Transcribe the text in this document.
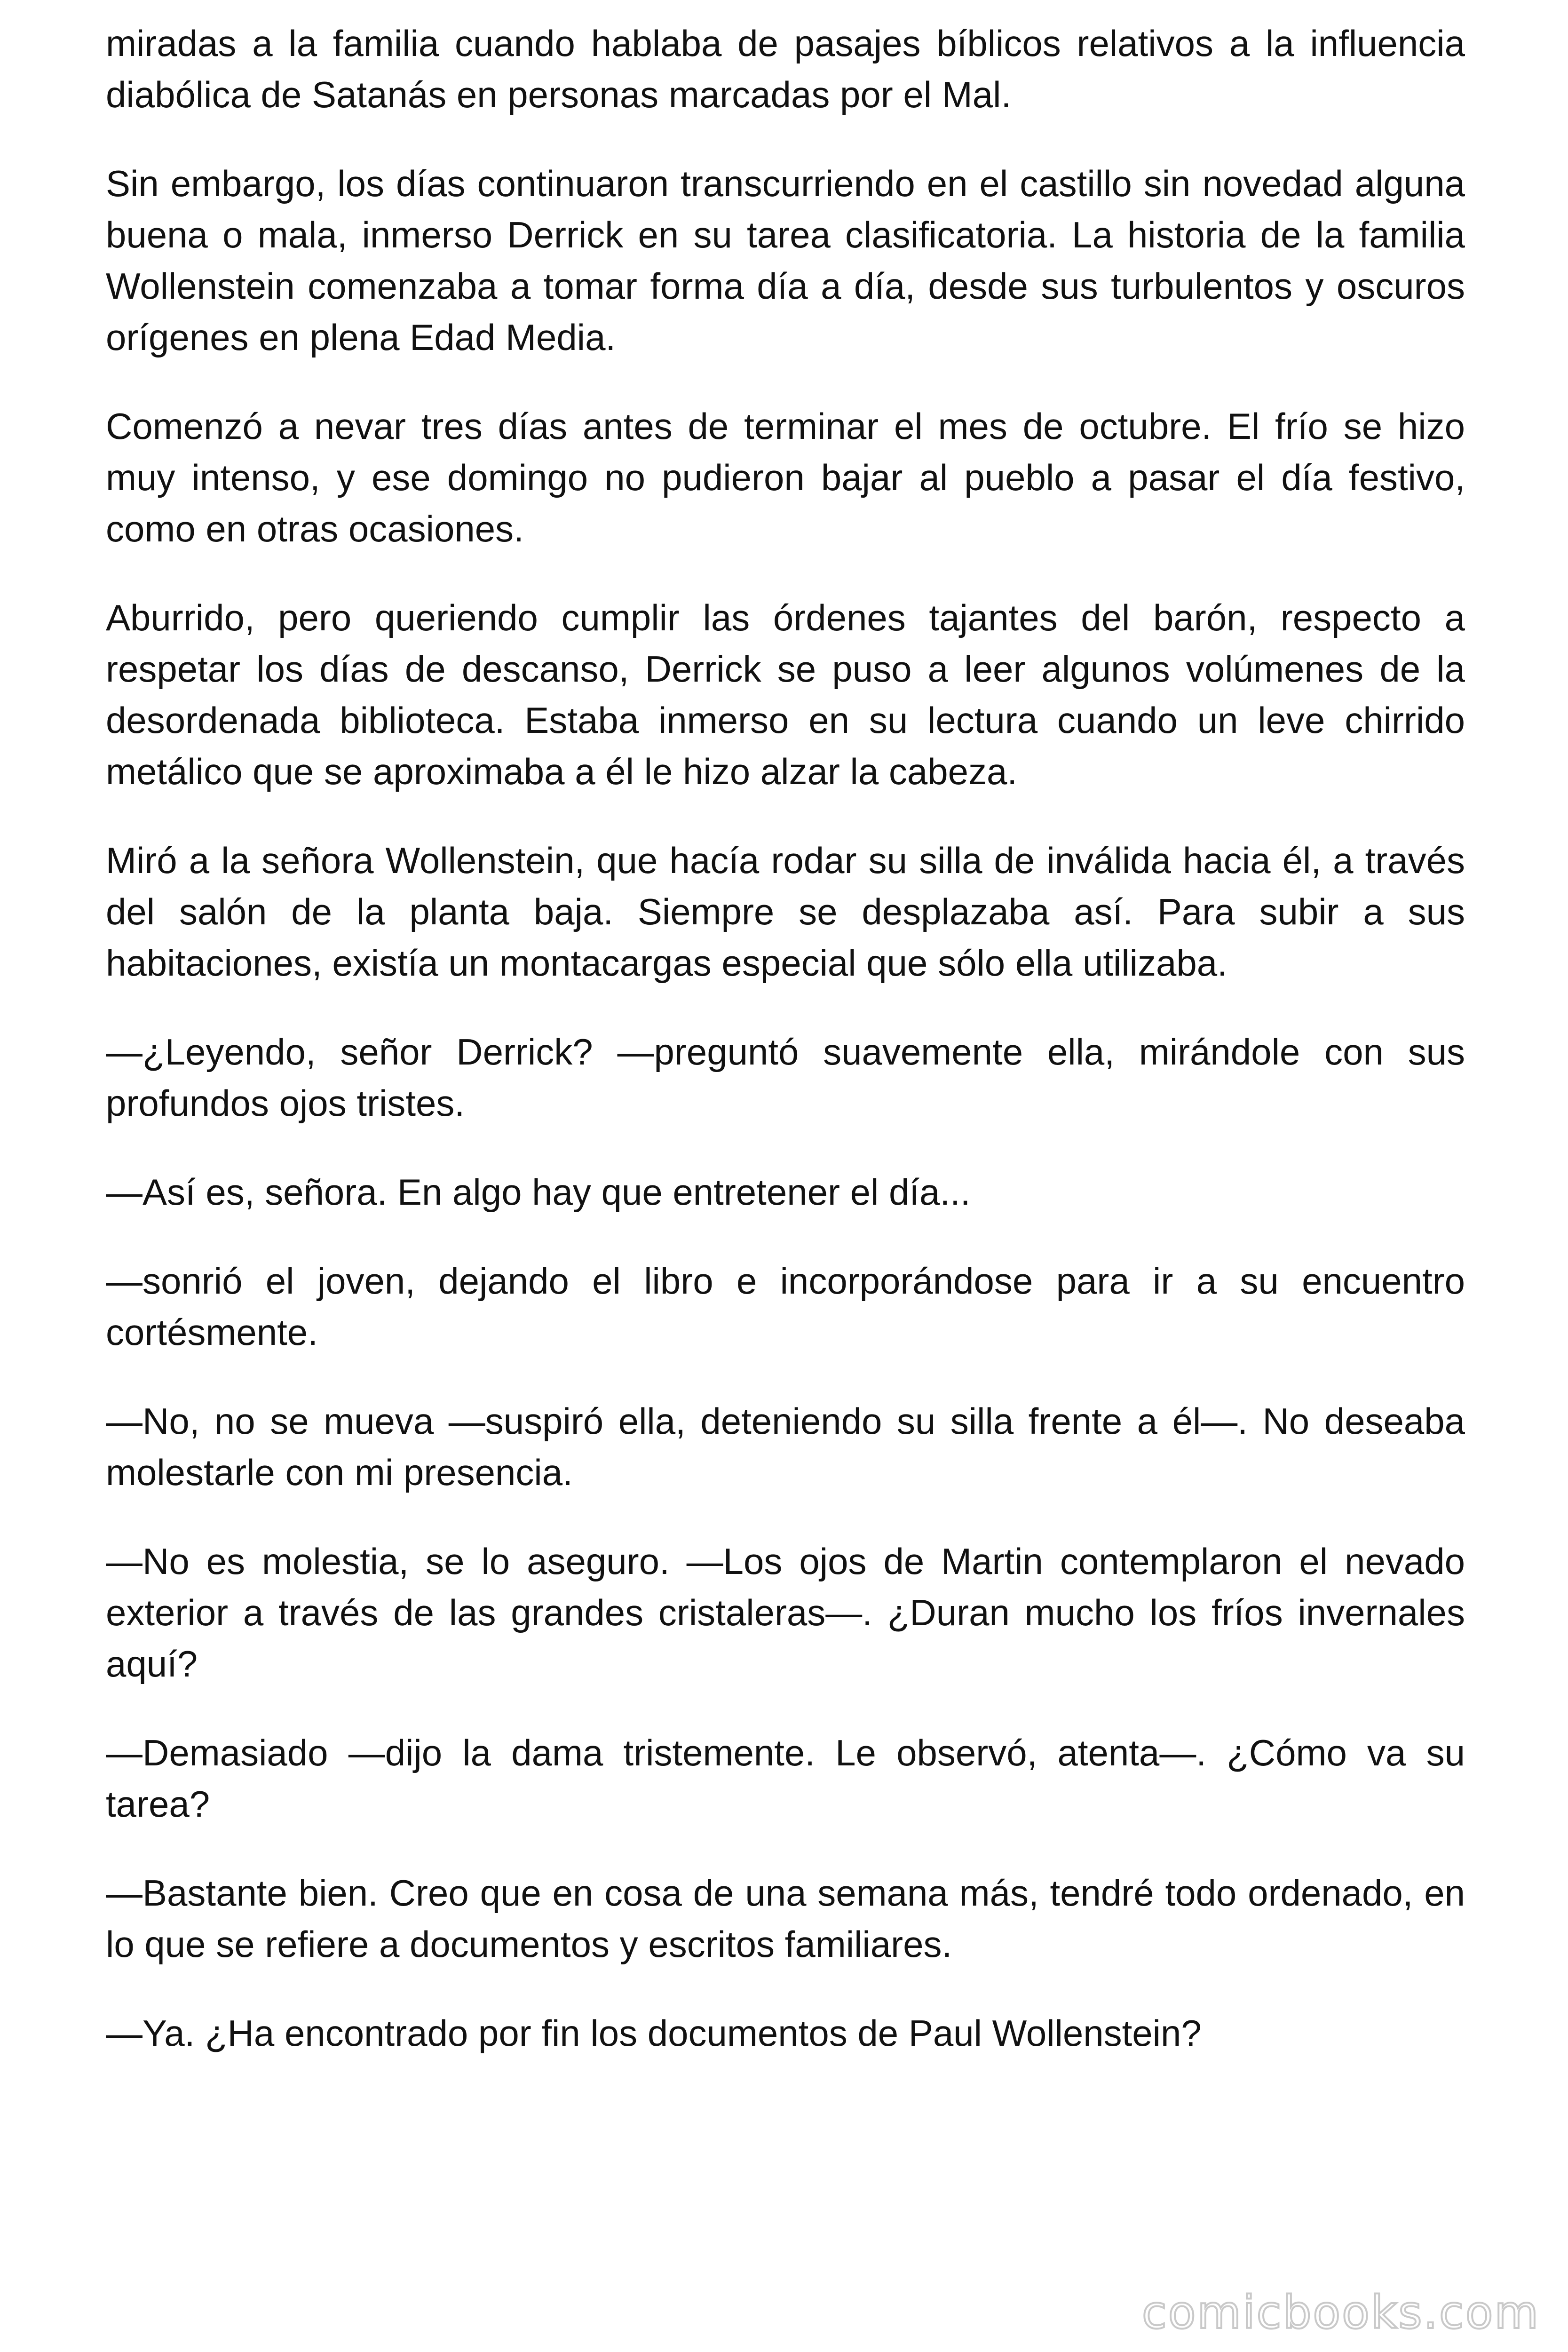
miradas a la familia cuando hablaba de pasajes bíblicos relativos a la influencia diabólica de Satanás en personas marcadas por el Mal.

Sin embargo, los días continuaron transcurriendo en el castillo sin novedad alguna buena o mala, inmerso Derrick en su tarea clasificatoria. La historia de la familia Wollenstein comenzaba a tomar forma día a día, desde sus turbulentos y oscuros orígenes en plena Edad Media.

Comenzó a nevar tres días antes de terminar el mes de octubre. El frío se hizo muy intenso, y ese domingo no pudieron bajar al pueblo a pasar el día festivo, como en otras ocasiones.

Aburrido, pero queriendo cumplir las órdenes tajantes del barón, respecto a respetar los días de descanso, Derrick se puso a leer algunos volúmenes de la desordenada biblioteca. Estaba inmerso en su lectura cuando un leve chirrido metálico que se aproximaba a él le hizo alzar la cabeza.

Miró a la señora Wollenstein, que hacía rodar su silla de inválida hacia él, a través del salón de la planta baja. Siempre se desplazaba así. Para subir a sus habitaciones, existía un montacargas especial que sólo ella utilizaba.

—¿Leyendo, señor Derrick? —preguntó suavemente ella, mirándole con sus profundos ojos tristes.

—Así es, señora. En algo hay que entretener el día...

—sonrió el joven, dejando el libro e incorporándose para ir a su encuentro cortésmente.

—No, no se mueva —suspiró ella, deteniendo su silla frente a él—. No deseaba molestarle con mi presencia.

—No es molestia, se lo aseguro. —Los ojos de Martin contemplaron el nevado exterior a través de las grandes cristaleras—. ¿Duran mucho los fríos invernales aquí?

—Demasiado —dijo la dama tristemente. Le observó, atenta—. ¿Cómo va su tarea?

—Bastante bien. Creo que en cosa de una semana más, tendré todo ordenado, en lo que se refiere a documentos y escritos familiares.

—Ya. ¿Ha encontrado por fin los documentos de Paul Wollenstein?

comicbooks.com
